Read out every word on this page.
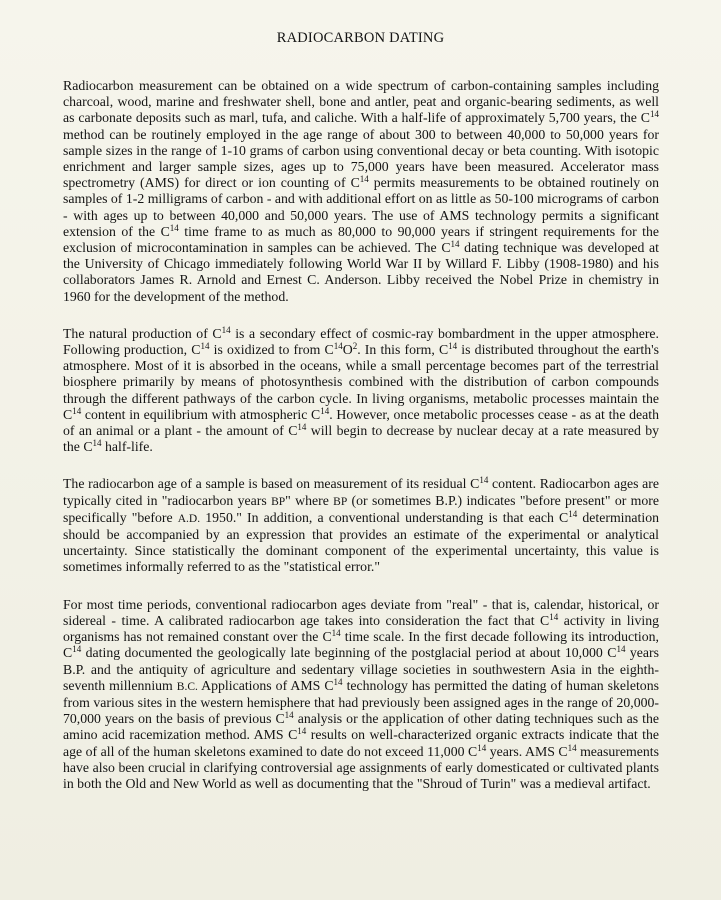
RADIOCARBON DATING

Radiocarbon measurement can be obtained on a wide spectrum of carbon-containing samples including charcoal, wood, marine and freshwater shell, bone and antler, peat and organic-bearing sediments, as well as carbonate deposits such as marl, tufa, and caliche. With a half-life of approximately 5,700 years, the $C^{14}$ method can be routinely employed in the age range of about 300 to between 40,000 to 50,000 years for sample sizes in the range of 1-10 grams of carbon using conventional decay or beta counting. With isotopic enrichment and larger sample sizes, ages up to 75,000 years have been measured. Accelerator mass spectrometry (AMS) for direct or ion counting of $C^{14}$ permits measurements to be obtained routinely on samples of 1-2 milligrams of carbon - and with additional effort on as little as 50-100 micrograms of carbon - with ages up to between 40,000 and 50,000 years. The use of AMS technology permits a significant extension of the $C^{14}$ time frame to as much as 80,000 to 90,000 years if stringent requirements for the exclusion of microcontamination in samples can be achieved. The $C^{14}$ dating technique was developed at the University of Chicago immediately following World War II by Willard F. Libby (1908-1980) and his collaborators James R. Arnold and Ernest C. Anderson. Libby received the Nobel Prize in chemistry in 1960 for the development of the method.

The natural production of $C^{14}$ is a secondary effect of cosmic-ray bombardment in the upper atmosphere. Following production, $C^{14}$ is oxidized to from $C^{14}O^2$. In this form, $C^{14}$ is distributed throughout the earth's atmosphere. Most of it is absorbed in the oceans, while a small percentage becomes part of the terrestrial biosphere primarily by means of photosynthesis combined with the distribution of carbon compounds through the different pathways of the carbon cycle. In living organisms, metabolic processes maintain the $C^{14}$ content in equilibrium with atmospheric $C^{14}$. However, once metabolic processes cease - as at the death of an animal or a plant - the amount of $C^{14}$ will begin to decrease by nuclear decay at a rate measured by the $C^{14}$ half-life.

The radiocarbon age of a sample is based on measurement of its residual $C^{14}$ content. Radiocarbon ages are typically cited in "radiocarbon years BP" where BP (or sometimes B.P.) indicates "before present" or more specifically "before A.D. 1950." In addition, a conventional understanding is that each $C^{14}$ determination should be accompanied by an expression that provides an estimate of the experimental or analytical uncertainty. Since statistically the dominant component of the experimental uncertainty, this value is sometimes informally referred to as the "statistical error."

For most time periods, conventional radiocarbon ages deviate from "real" - that is, calendar, historical, or sidereal - time. A calibrated radiocarbon age takes into consideration the fact that $C^{14}$ activity in living organisms has not remained constant over the $C^{14}$ time scale. In the first decade following its introduction, $C^{14}$ dating documented the geologically late beginning of the postglacial period at about 10,000 $C^{14}$ years B.P. and the antiquity of agriculture and sedentary village societies in southwestern Asia in the eighth-seventh millennium B.C. Applications of AMS $C^{14}$ technology has permitted the dating of human skeletons from various sites in the western hemisphere that had previously been assigned ages in the range of 20,000-70,000 years on the basis of previous $C^{14}$ analysis or the application of other dating techniques such as the amino acid racemization method. AMS $C^{14}$ results on well-characterized organic extracts indicate that the age of all of the human skeletons examined to date do not exceed 11,000 $C^{14}$ years. AMS $C^{14}$ measurements have also been crucial in clarifying controversial age assignments of early domesticated or cultivated plants in both the Old and New World as well as documenting that the "Shroud of Turin" was a medieval artifact.
